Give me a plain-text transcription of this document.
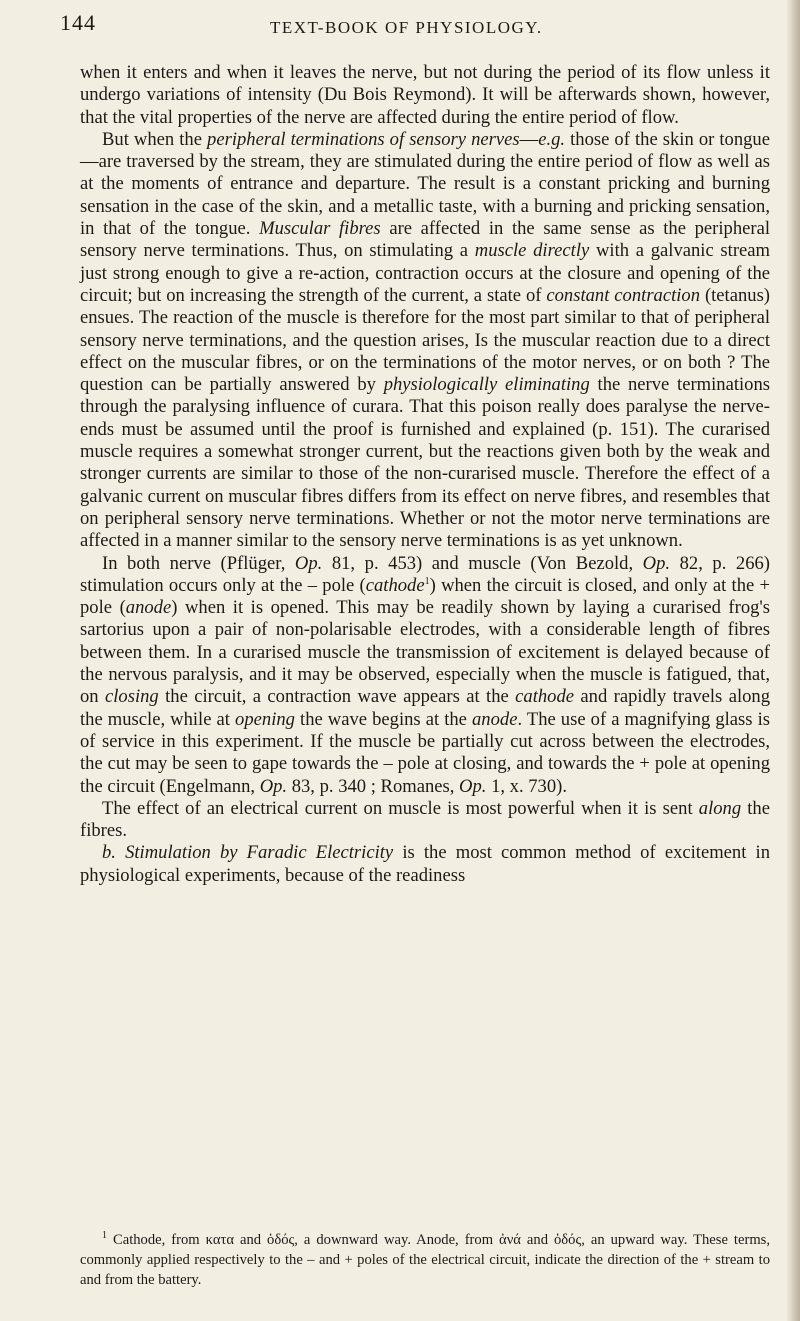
144	TEXT-BOOK OF PHYSIOLOGY.

when it enters and when it leaves the nerve, but not during the period of its flow unless it undergo variations of intensity (Du Bois Reymond). It will be afterwards shown, however, that the vital properties of the nerve are affected during the entire period of flow.

But when the peripheral terminations of sensory nerves—e.g. those of the skin or tongue—are traversed by the stream, they are stimulated during the entire period of flow as well as at the moments of entrance and departure. The result is a constant pricking and burning sensation in the case of the skin, and a metallic taste, with a burning and pricking sensation, in that of the tongue. Muscular fibres are affected in the same sense as the peripheral sensory nerve terminations. Thus, on stimulating a muscle directly with a galvanic stream just strong enough to give a re-action, contraction occurs at the closure and opening of the circuit; but on increasing the strength of the current, a state of constant contraction (tetanus) ensues. The reaction of the muscle is therefore for the most part similar to that of peripheral sensory nerve terminations, and the question arises, Is the muscular reaction due to a direct effect on the muscular fibres, or on the terminations of the motor nerves, or on both ? The question can be partially answered by physiologically eliminating the nerve terminations through the paralysing influence of curara. That this poison really does paralyse the nerve-ends must be assumed until the proof is furnished and explained (p. 151). The curarised muscle requires a somewhat stronger current, but the reactions given both by the weak and stronger currents are similar to those of the non-curarised muscle. Therefore the effect of a galvanic current on muscular fibres differs from its effect on nerve fibres, and resembles that on peripheral sensory nerve terminations. Whether or not the motor nerve terminations are affected in a manner similar to the sensory nerve terminations is as yet unknown.

In both nerve (Pflüger, Op. 81, p. 453) and muscle (Von Bezold, Op. 82, p. 266) stimulation occurs only at the – pole (cathode$^1$) when the circuit is closed, and only at the + pole (anode) when it is opened. This may be readily shown by laying a curarised frog's sartorius upon a pair of non-polarisable electrodes, with a considerable length of fibres between them. In a curarised muscle the transmission of excitement is delayed because of the nervous paralysis, and it may be observed, especially when the muscle is fatigued, that, on closing the circuit, a contraction wave appears at the cathode and rapidly travels along the muscle, while at opening the wave begins at the anode. The use of a magnifying glass is of service in this experiment. If the muscle be partially cut across between the electrodes, the cut may be seen to gape towards the – pole at closing, and towards the + pole at opening the circuit (Engelmann, Op. 83, p. 340 ; Romanes, Op. 1, x. 730).

The effect of an electrical current on muscle is most powerful when it is sent along the fibres.

b. Stimulation by Faradic Electricity is the most common method of excitement in physiological experiments, because of the readiness

$^1$ Cathode, from κατα and ὁδός, a downward way. Anode, from ἀνά and ὁδός, an upward way. These terms, commonly applied respectively to the – and + poles of the electrical circuit, indicate the direction of the + stream to and from the battery.
